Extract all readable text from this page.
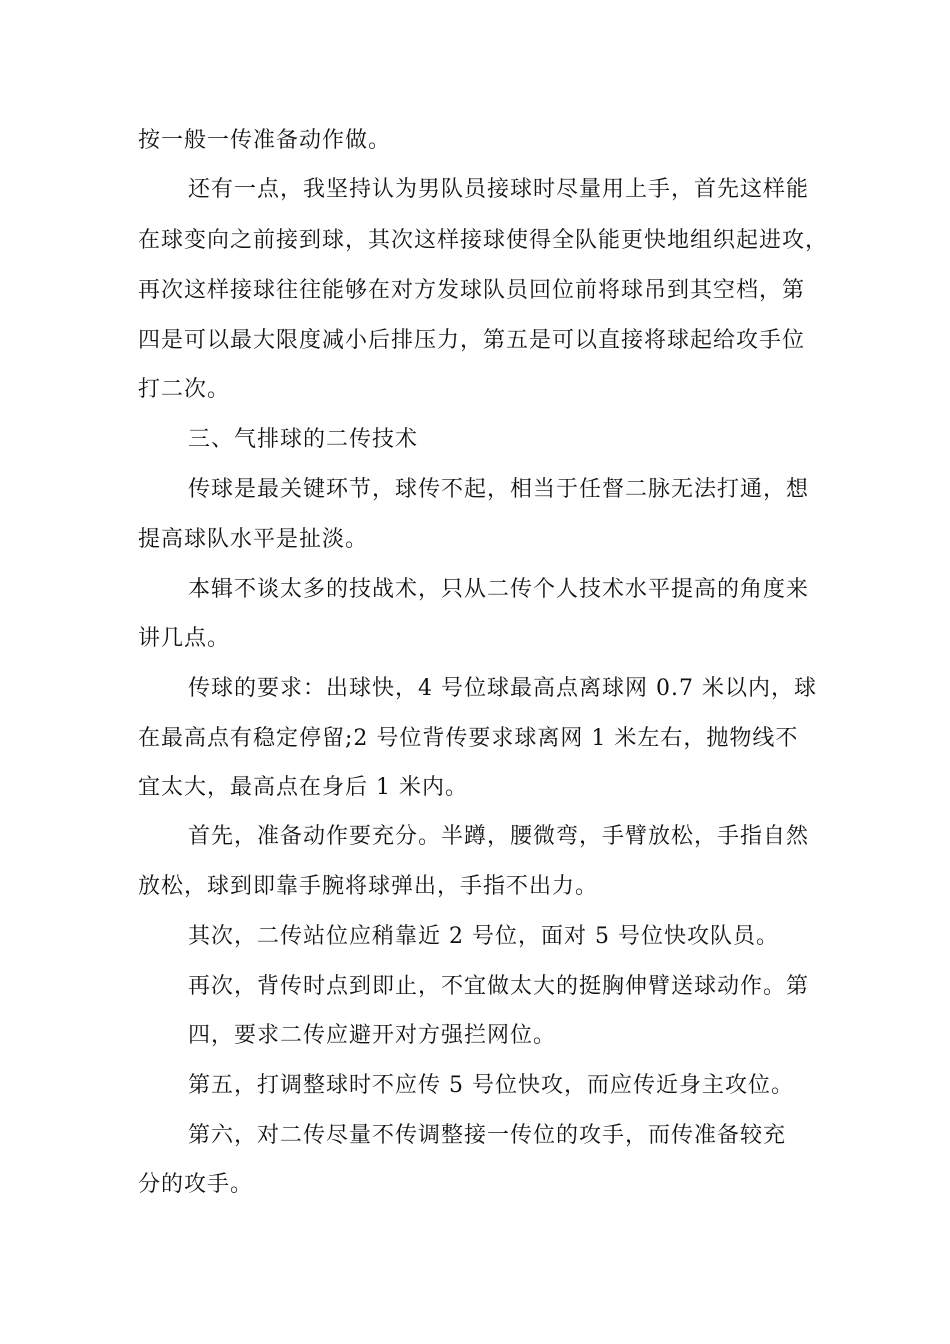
按一般一传准备动作做。
还有一点，我坚持认为男队员接球时尽量用上手，首先这样能
在球变向之前接到球，其次这样接球使得全队能更快地组织起进攻，
再次这样接球往往能够在对方发球队员回位前将球吊到其空档，第
四是可以最大限度减小后排压力，第五是可以直接将球起给攻手位
打二次。
三、气排球的二传技术
传球是最关键环节，球传不起，相当于任督二脉无法打通，想
提高球队水平是扯淡。
本辑不谈太多的技战术，只从二传个人技术水平提高的角度来
讲几点。
传球的要求：出球快，4 号位球最高点离球网 0.7 米以内，球
在最高点有稳定停留;2 号位背传要求球离网 1 米左右，抛物线不
宜太大，最高点在身后 1 米内。
首先，准备动作要充分。半蹲，腰微弯，手臂放松，手指自然
放松，球到即靠手腕将球弹出，手指不出力。
其次，二传站位应稍靠近 2 号位，面对 5 号位快攻队员。
再次，背传时点到即止，不宜做太大的挺胸伸臂送球动作。第
四，要求二传应避开对方强拦网位。
第五，打调整球时不应传 5 号位快攻，而应传近身主攻位。
第六，对二传尽量不传调整接一传位的攻手，而传准备较充
分的攻手。
